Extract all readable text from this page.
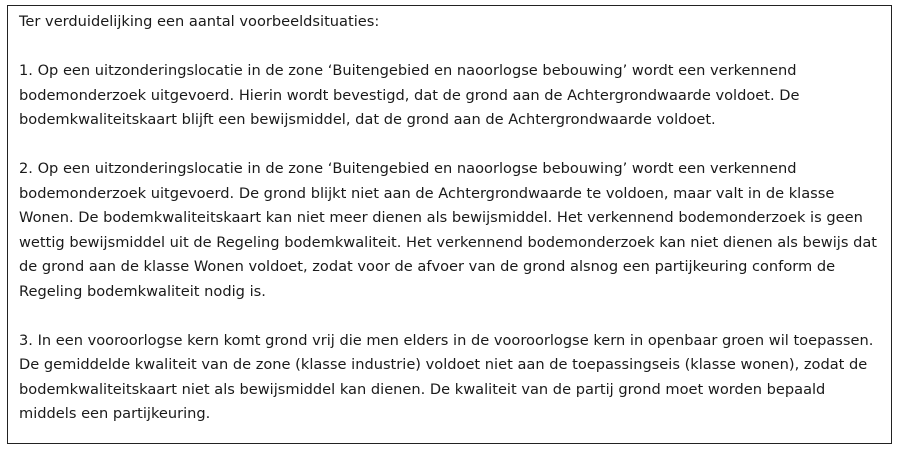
Ter verduidelijking een aantal voorbeeldsituaties:
1. Op een uitzonderingslocatie in de zone ‘Buitengebied en naoorlogse bebouwing’ wordt een verkennend
bodemonderzoek uitgevoerd. Hierin wordt bevestigd, dat de grond aan de Achtergrondwaarde voldoet. De
bodemkwaliteitskaart blijft een bewijsmiddel, dat de grond aan de Achtergrondwaarde voldoet.
2. Op een uitzonderingslocatie in de zone ‘Buitengebied en naoorlogse bebouwing’ wordt een verkennend
bodemonderzoek uitgevoerd. De grond blijkt niet aan de Achtergrondwaarde te voldoen, maar valt in de klasse
Wonen. De bodemkwaliteitskaart kan niet meer dienen als bewijsmiddel. Het verkennend bodemonderzoek is geen
wettig bewijsmiddel uit de Regeling bodemkwaliteit. Het verkennend bodemonderzoek kan niet dienen als bewijs dat
de grond aan de klasse Wonen voldoet, zodat voor de afvoer van de grond alsnog een partijkeuring conform de
Regeling bodemkwaliteit nodig is.
3. In een vooroorlogse kern komt grond vrij die men elders in de vooroorlogse kern in openbaar groen wil toepassen.
De gemiddelde kwaliteit van de zone (klasse industrie) voldoet niet aan de toepassingseis (klasse wonen), zodat de
bodemkwaliteitskaart niet als bewijsmiddel kan dienen. De kwaliteit van de partij grond moet worden bepaald
middels een partijkeuring.
